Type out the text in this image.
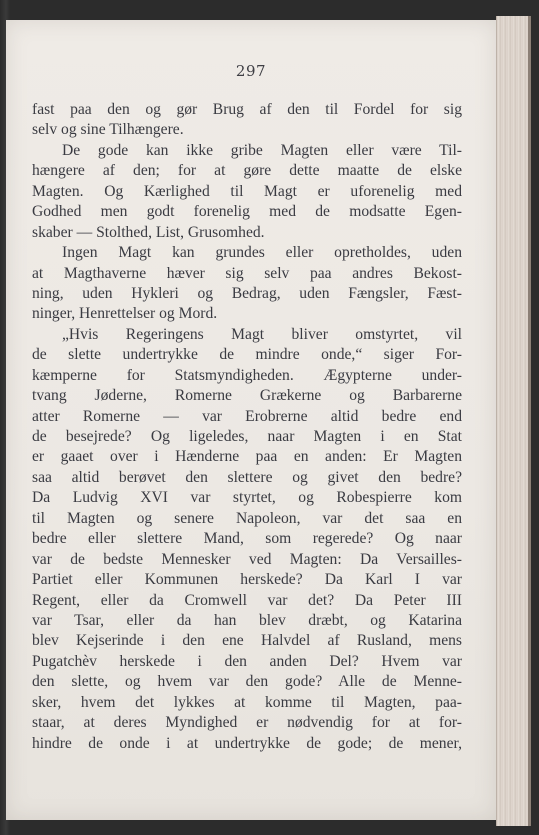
297
fast paa den og gør Brug af den til Fordel for sig
selv og sine Tilhængere.
De gode kan ikke gribe Magten eller være Til-
hængere af den; for at gøre dette maatte de elske
Magten. Og Kærlighed til Magt er uforenelig med
Godhed men godt forenelig med de modsatte Egen-
skaber — Stolthed, List, Grusomhed.
Ingen Magt kan grundes eller opretholdes, uden
at Magthaverne hæver sig selv paa andres Bekost-
ning, uden Hykleri og Bedrag, uden Fængsler, Fæst-
ninger, Henrettelser og Mord.
„Hvis Regeringens Magt bliver omstyrtet, vil
de slette undertrykke de mindre onde,“ siger For-
kæmperne for Statsmyndigheden. Ægypterne under-
tvang Jøderne, Romerne Grækerne og Barbarerne
atter Romerne — var Erobrerne altid bedre end
de besejrede? Og ligeledes, naar Magten i en Stat
er gaaet over i Hænderne paa en anden: Er Magten
saa altid berøvet den slettere og givet den bedre?
Da Ludvig XVI var styrtet, og Robespierre kom
til Magten og senere Napoleon, var det saa en
bedre eller slettere Mand, som regerede? Og naar
var de bedste Mennesker ved Magten: Da Versailles-
Partiet eller Kommunen herskede? Da Karl I var
Regent, eller da Cromwell var det? Da Peter III
var Tsar, eller da han blev dræbt, og Katarina
blev Kejserinde i den ene Halvdel af Rusland, mens
Pugatchèv herskede i den anden Del? Hvem var
den slette, og hvem var den gode? Alle de Menne-
sker, hvem det lykkes at komme til Magten, paa-
staar, at deres Myndighed er nødvendig for at for-
hindre de onde i at undertrykke de gode; de mener,
